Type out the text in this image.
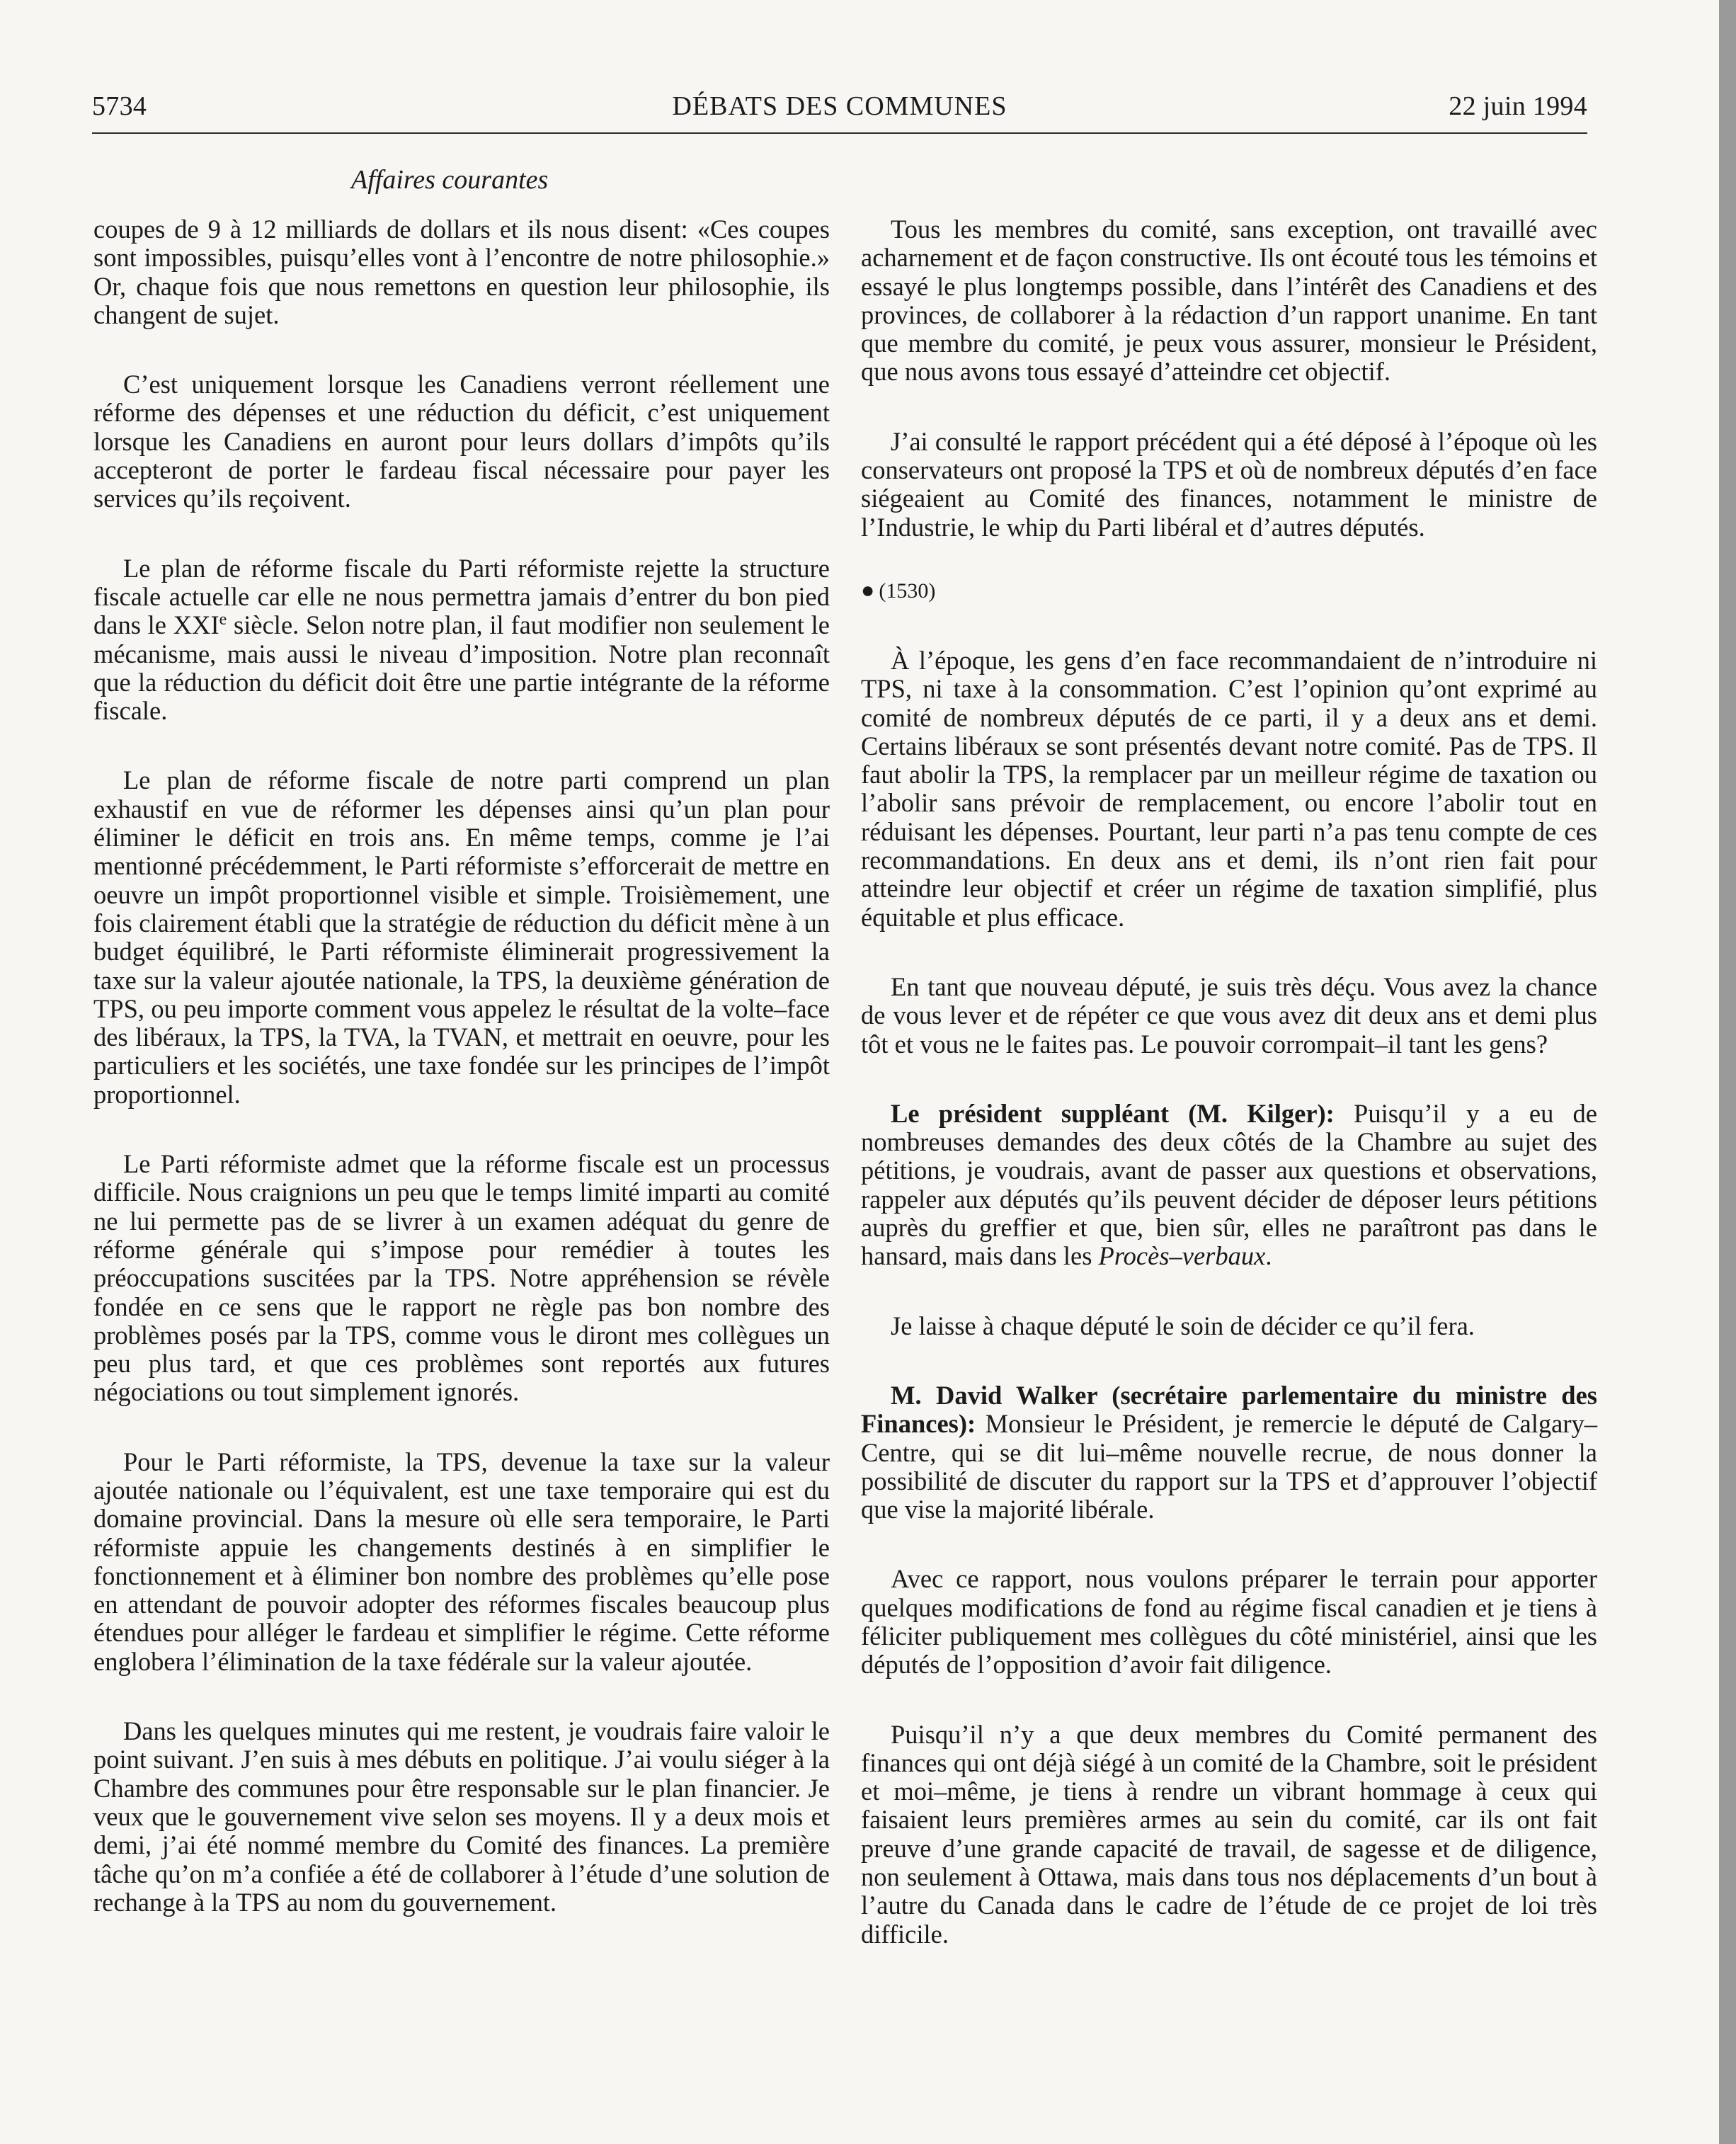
5734	DÉBATS DES COMMUNES	22 juin 1994
Affaires courantes

coupes de 9 à 12 milliards de dollars et ils nous disent: «Ces coupes sont impossibles, puisqu’elles vont à l’encontre de notre philosophie.» Or, chaque fois que nous remettons en question leur philosophie, ils changent de sujet.

C’est uniquement lorsque les Canadiens verront réellement une réforme des dépenses et une réduction du déficit, c’est uniquement lorsque les Canadiens en auront pour leurs dollars d’impôts qu’ils accepteront de porter le fardeau fiscal nécessaire pour payer les services qu’ils reçoivent.

Le plan de réforme fiscale du Parti réformiste rejette la structure fiscale actuelle car elle ne nous permettra jamais d’entrer du bon pied dans le XXIe siècle. Selon notre plan, il faut modifier non seulement le mécanisme, mais aussi le niveau d’imposition. Notre plan reconnaît que la réduction du déficit doit être une partie intégrante de la réforme fiscale.

Le plan de réforme fiscale de notre parti comprend un plan exhaustif en vue de réformer les dépenses ainsi qu’un plan pour éliminer le déficit en trois ans. En même temps, comme je l’ai mentionné précédemment, le Parti réformiste s’efforcerait de mettre en oeuvre un impôt proportionnel visible et simple. Troisièmement, une fois clairement établi que la stratégie de réduction du déficit mène à un budget équilibré, le Parti réformiste éliminerait progressivement la taxe sur la valeur ajoutée nationale, la TPS, la deuxième génération de TPS, ou peu importe comment vous appelez le résultat de la volte–face des libéraux, la TPS, la TVA, la TVAN, et mettrait en oeuvre, pour les particuliers et les sociétés, une taxe fondée sur les principes de l’impôt proportionnel.

Le Parti réformiste admet que la réforme fiscale est un processus difficile. Nous craignions un peu que le temps limité imparti au comité ne lui permette pas de se livrer à un examen adéquat du genre de réforme générale qui s’impose pour remédier à toutes les préoccupations suscitées par la TPS. Notre appréhension se révèle fondée en ce sens que le rapport ne règle pas bon nombre des problèmes posés par la TPS, comme vous le diront mes collègues un peu plus tard, et que ces problèmes sont reportés aux futures négociations ou tout simplement ignorés.

Pour le Parti réformiste, la TPS, devenue la taxe sur la valeur ajoutée nationale ou l’équivalent, est une taxe temporaire qui est du domaine provincial. Dans la mesure où elle sera temporaire, le Parti réformiste appuie les changements destinés à en simplifier le fonctionnement et à éliminer bon nombre des problèmes qu’elle pose en attendant de pouvoir adopter des réformes fiscales beaucoup plus étendues pour alléger le fardeau et simplifier le régime. Cette réforme englobera l’élimination de la taxe fédérale sur la valeur ajoutée.

Dans les quelques minutes qui me restent, je voudrais faire valoir le point suivant. J’en suis à mes débuts en politique. J’ai voulu siéger à la Chambre des communes pour être responsable sur le plan financier. Je veux que le gouvernement vive selon ses moyens. Il y a deux mois et demi, j’ai été nommé membre du Comité des finances. La première tâche qu’on m’a confiée a été de collaborer à l’étude d’une solution de rechange à la TPS au nom du gouvernement.

Tous les membres du comité, sans exception, ont travaillé avec acharnement et de façon constructive. Ils ont écouté tous les témoins et essayé le plus longtemps possible, dans l’intérêt des Canadiens et des provinces, de collaborer à la rédaction d’un rapport unanime. En tant que membre du comité, je peux vous assurer, monsieur le Président, que nous avons tous essayé d’atteindre cet objectif.

J’ai consulté le rapport précédent qui a été déposé à l’époque où les conservateurs ont proposé la TPS et où de nombreux députés d’en face siégeaient au Comité des finances, notamment le ministre de l’Industrie, le whip du Parti libéral et d’autres députés.

● (1530)

À l’époque, les gens d’en face recommandaient de n’introduire ni TPS, ni taxe à la consommation. C’est l’opinion qu’ont exprimé au comité de nombreux députés de ce parti, il y a deux ans et demi. Certains libéraux se sont présentés devant notre comité. Pas de TPS. Il faut abolir la TPS, la remplacer par un meilleur régime de taxation ou l’abolir sans prévoir de remplacement, ou encore l’abolir tout en réduisant les dépenses. Pourtant, leur parti n’a pas tenu compte de ces recommandations. En deux ans et demi, ils n’ont rien fait pour atteindre leur objectif et créer un régime de taxation simplifié, plus équitable et plus efficace.

En tant que nouveau député, je suis très déçu. Vous avez la chance de vous lever et de répéter ce que vous avez dit deux ans et demi plus tôt et vous ne le faites pas. Le pouvoir corrompait–il tant les gens?

Le président suppléant (M. Kilger): Puisqu’il y a eu de nombreuses demandes des deux côtés de la Chambre au sujet des pétitions, je voudrais, avant de passer aux questions et observations, rappeler aux députés qu’ils peuvent décider de déposer leurs pétitions auprès du greffier et que, bien sûr, elles ne paraîtront pas dans le hansard, mais dans les Procès–verbaux.

Je laisse à chaque député le soin de décider ce qu’il fera.

M. David Walker (secrétaire parlementaire du ministre des Finances): Monsieur le Président, je remercie le député de Calgary–Centre, qui se dit lui–même nouvelle recrue, de nous donner la possibilité de discuter du rapport sur la TPS et d’approuver l’objectif que vise la majorité libérale.

Avec ce rapport, nous voulons préparer le terrain pour apporter quelques modifications de fond au régime fiscal canadien et je tiens à féliciter publiquement mes collègues du côté ministériel, ainsi que les députés de l’opposition d’avoir fait diligence.

Puisqu’il n’y a que deux membres du Comité permanent des finances qui ont déjà siégé à un comité de la Chambre, soit le président et moi–même, je tiens à rendre un vibrant hommage à ceux qui faisaient leurs premières armes au sein du comité, car ils ont fait preuve d’une grande capacité de travail, de sagesse et de diligence, non seulement à Ottawa, mais dans tous nos déplacements d’un bout à l’autre du Canada dans le cadre de l’étude de ce projet de loi très difficile.
